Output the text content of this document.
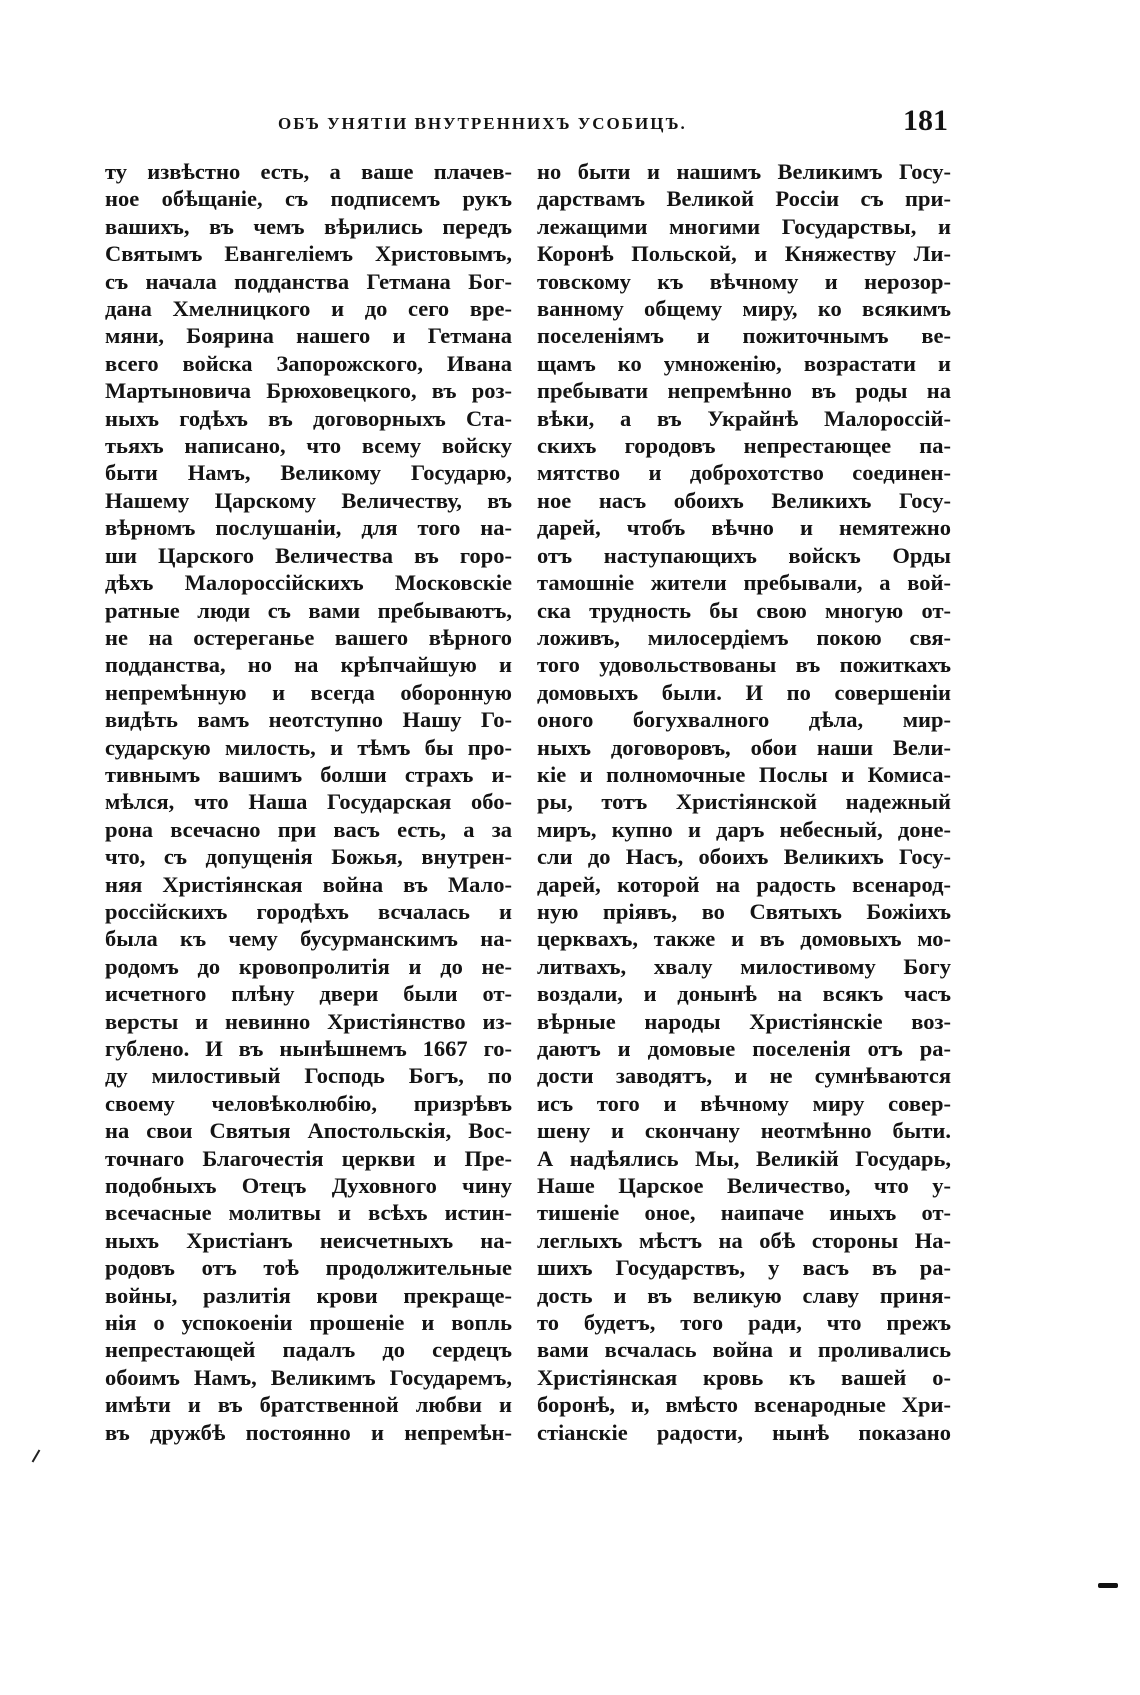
ОБЪ УНЯТІИ ВНУТРЕННИХЪ УСОБИЦЪ.	181
ту извѣстно есть, а ваше плачев-
ное обѣщаніе, съ подписемъ рукъ
вашихъ, въ чемъ вѣрились передъ
Святымъ Евангеліемъ Христовымъ,
съ начала подданства Гетмана Бог-
дана Хмелницкого и до сего вре-
мяни, Боярина нашего и Гетмана
всего войска Запорожского, Ивана
Мартыновича Брюховецкого, въ роз-
ныхъ годѣхъ въ договорныхъ Ста-
тьяхъ написано, что всему войску
быти Намъ, Великому Государю,
Нашему Царскому Величеству, въ
вѣрномъ послушаніи, для того на-
ши Царского Величества въ горо-
дѣхъ Малороссійскихъ Московскіе
ратные люди съ вами пребываютъ,
не на остереганье вашего вѣрного
подданства, но на крѣпчайшую и
непремѣнную и всегда оборонную
видѣть вамъ неотступно Нашу Го-
сударскую милость, и тѣмъ бы про-
тивнымъ вашимъ болши страхъ и-
мѣлся, что Наша Государская обо-
рона всечасно при васъ есть, а за
что, съ допущенія Божья, внутрен-
няя Христіянская война въ Мало-
россійскихъ городѣхъ всчалась и
была къ чему бусурманскимъ на-
родомъ до кровопролитія и до не-
исчетного плѣну двери были от-
версты и невинно Христіянство из-
гублено. И въ нынѣшнемъ 1667 го-
ду милостивый Господь Богъ, по
своему человѣколюбію, призрѣвъ
на свои Святыя Апостольскія, Вос-
точнаго Благочестія церкви и Пре-
подобныхъ Отецъ Духовного чину
всечасные молитвы и всѣхъ истин-
ныхъ Христіанъ неисчетныхъ на-
родовъ отъ тоѣ продолжительные
войны, разлитія крови прекраще-
нія о успокоеніи прошеніе и вопль
непрестающей падалъ до сердецъ
обоимъ Намъ, Великимъ Государемъ,
имѣти и въ братственной любви и
въ дружбѣ постоянно и непремѣн-
но быти и нашимъ Великимъ Госу-
дарствамъ Великой Россіи съ при-
лежащими многими Государствы, и
Коронѣ Польской, и Княжеству Ли-
товскому къ вѣчному и нерозор-
ванному общему миру, ко всякимъ
поселеніямъ и пожиточнымъ ве-
щамъ ко умноженію, возрастати и
пребывати непремѣнно въ роды на
вѣки, а въ Украйнѣ Малороссій-
скихъ городовъ непрестающее па-
мятство и доброхотство соединен-
ное насъ обоихъ Великихъ Госу-
дарей, чтобъ вѣчно и немятежно
отъ наступающихъ войскъ Орды
тамошніе жители пребывали, а вой-
ска трудность бы свою многую от-
ложивъ, милосердіемъ покою свя-
того удовольствованы въ пожиткахъ
домовыхъ были. И по совершеніи
оного богухвалного дѣла, мир-
ныхъ договоровъ, обои наши Вели-
кіе и полномочные Послы и Комиса-
ры, тотъ Христіянской надежный
миръ, купно и даръ небесный, доне-
сли до Насъ, обоихъ Великихъ Госу-
дарей, которой на радость всенарод-
ную пріявъ, во Святыхъ Божіихъ
церквахъ, также и въ домовыхъ мо-
литвахъ, хвалу милостивому Богу
воздали, и донынѣ на всякъ часъ
вѣрные народы Христіянскіе воз-
даютъ и домовые поселенія отъ ра-
дости заводятъ, и не сумнѣваются
исъ того и вѣчному миру совер-
шену и скончану неотмѣнно быти.
А надѣялись Мы, Великій Государь,
Наше Царское Величество, что у-
тишеніе оное, наипаче иныхъ от-
леглыхъ мѣстъ на обѣ стороны На-
шихъ Государствъ, у васъ въ ра-
дость и въ великую славу приня-
то будетъ, того ради, что прежъ
вами всчалась война и проливались
Христіянская кровь къ вашей о-
боронѣ, и, вмѣсто всенародные Хри-
стіанскіе радости, нынѣ показано
